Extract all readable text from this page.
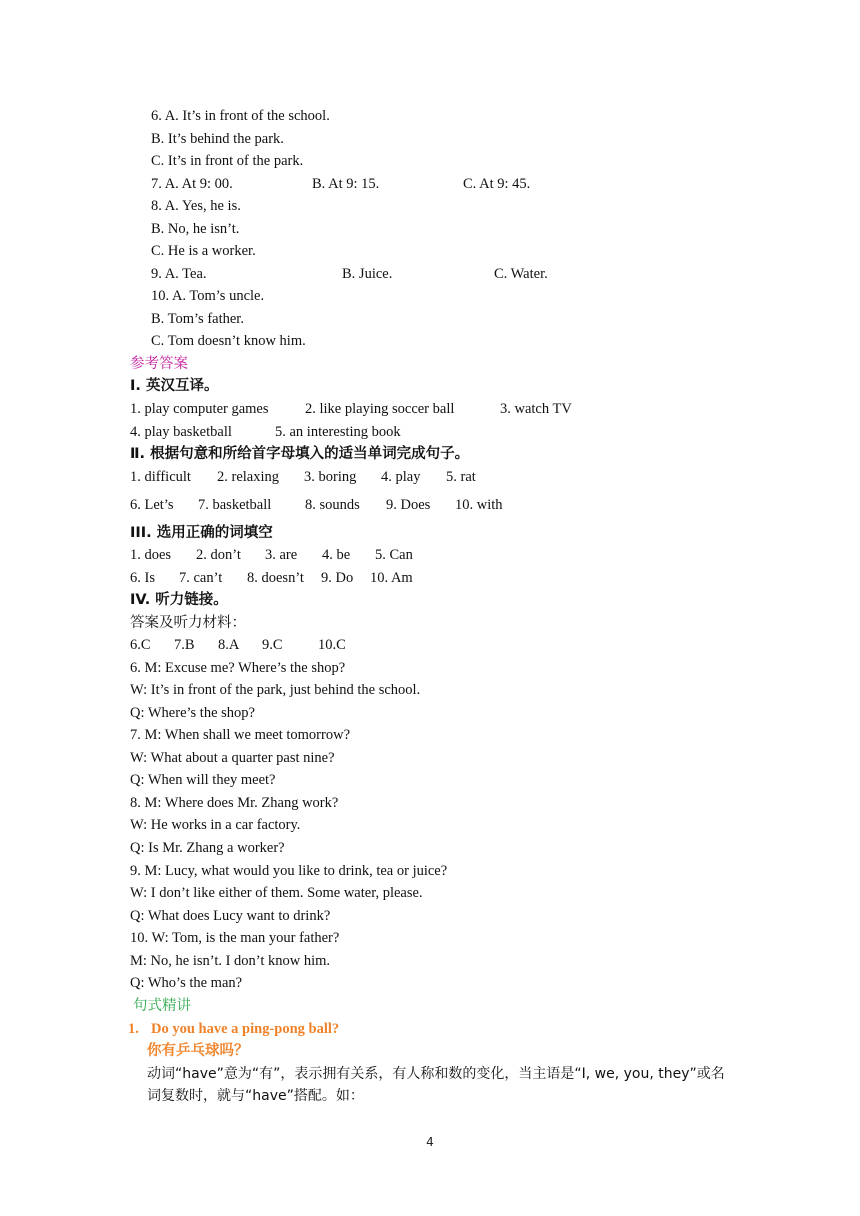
6. A. It’s in front of the school.
B. It’s behind the park.
C. It’s in front of the park.
7. A. At 9: 00.	B. At 9: 15.	C. At 9: 45.
8. A. Yes, he is.
B. No, he isn’t.
C. He is a worker.
9. A. Tea.	B. Juice.	C. Water.
10. A. Tom’s uncle.
B. Tom’s father.
C. Tom doesn’t know him.
参考答案
Ⅰ. 英汉互译。
1. play computer games	2. like playing soccer ball	3. watch TV
4. play basketball	5. an interesting book
Ⅱ. 根据句意和所给首字母填入的适当单词完成句子。
1. difficult 2. relaxing 3. boring 4. play 5. rat
6. Let’s 7. basketball 8. sounds 9. Does 10. with
III. 选用正确的词填空
1. does 2. don’t 3. are 4. be 5. Can
6. Is 7. can’t 8. doesn’t 9. Do 10. Am
IV. 听力链接。
答案及听力材料：
6.C 7.B 8.A 9.C 10.C
6. M: Excuse me? Where’s the shop?
W: It’s in front of the park, just behind the school.
Q: Where’s the shop?
7. M: When shall we meet tomorrow?
W: What about a quarter past nine?
Q: When will they meet?
8. M: Where does Mr. Zhang work?
W: He works in a car factory.
Q: Is Mr. Zhang a worker?
9. M: Lucy, what would you like to drink, tea or juice?
W: I don’t like either of them. Some water, please.
Q: What does Lucy want to drink?
10. W: Tom, is the man your father?
M: No, he isn’t. I don’t know him.
Q: Who’s the man?
句式精讲
1. Do you have a ping-pong ball?
你有乒乓球吗？
动词“have”意为“有”，表示拥有关系，有人称和数的变化，当主语是“I, we, you, they”或名
词复数时，就与“have”搭配。如：
4
